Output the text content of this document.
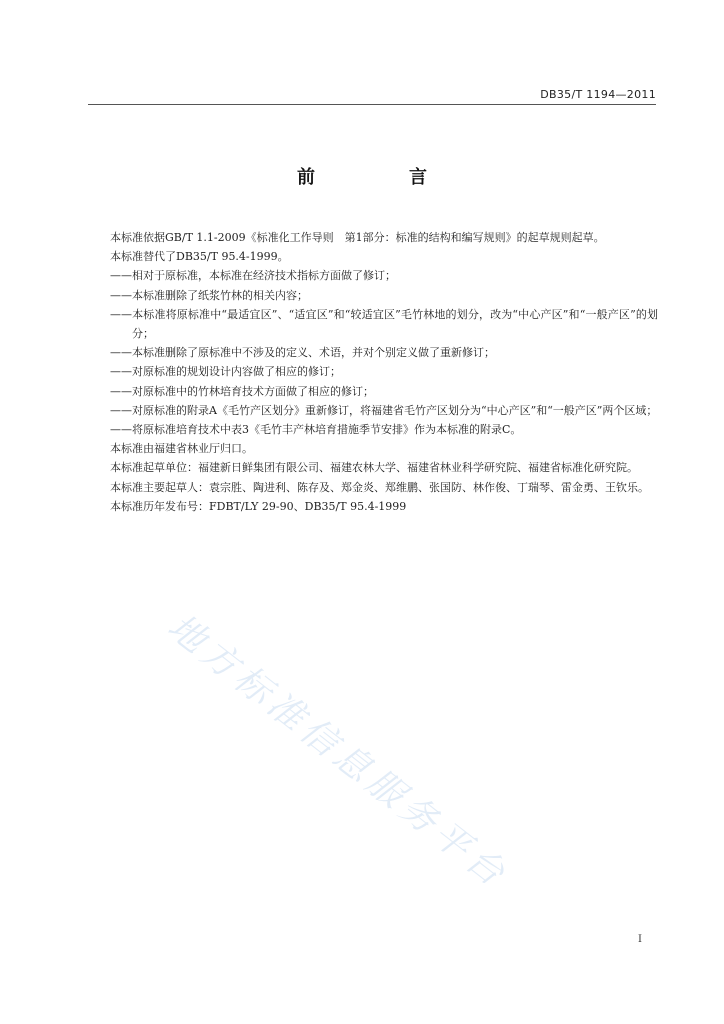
DB35/T 1194—2011
前　言

本标准依据GB/T 1.1-2009《标准化工作导则　第1部分：标准的结构和编写规则》的起草规则起草。

本标准替代了DB35/T 95.4-1999。

——相对于原标准，本标准在经济技术指标方面做了修订；

——本标准删除了纸浆竹林的相关内容；

——本标准将原标准中“最适宜区”、“适宜区”和“较适宜区”毛竹林地的划分，改为“中心产区”和“一般产区”的划分；

——本标准删除了原标准中不涉及的定义、术语，并对个别定义做了重新修订；

——对原标准的规划设计内容做了相应的修订；

——对原标准中的竹林培育技术方面做了相应的修订；

——对原标准的附录A《毛竹产区划分》重新修订，将福建省毛竹产区划分为“中心产区”和“一般产区”两个区域；

——将原标准培育技术中表3《毛竹丰产林培育措施季节安排》作为本标准的附录C。

本标准由福建省林业厅归口。

本标准起草单位：福建新日鲜集团有限公司、福建农林大学、福建省林业科学研究院、福建省标准化研究院。

本标准主要起草人：袁宗胜、陶进利、陈存及、郑金炎、郑维鹏、张国防、林作俊、丁瑞琴、雷金勇、王钦乐。

本标准历年发布号：FDBT/LY 29-90、DB35/T 95.4-1999

地方标准信息服务平台
I
